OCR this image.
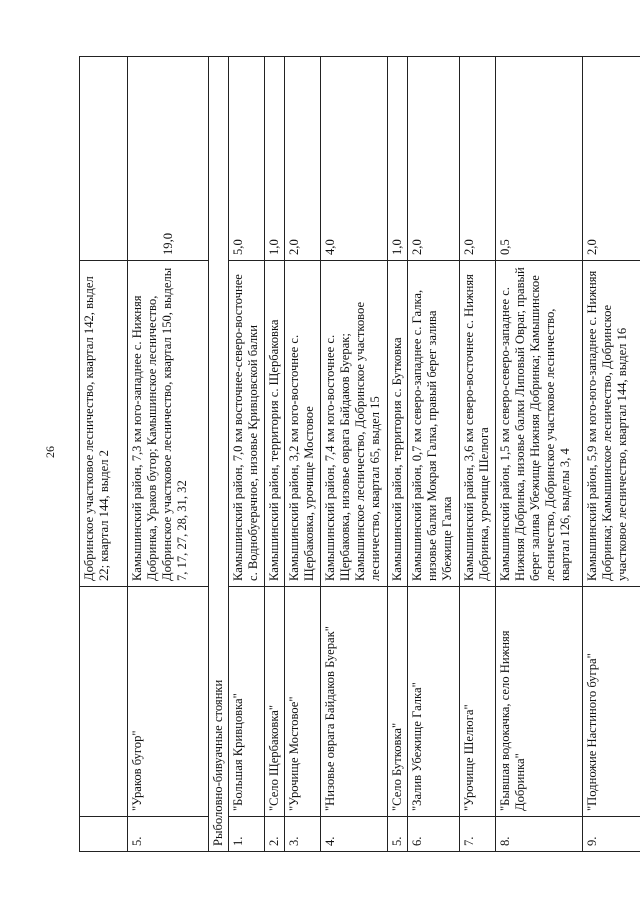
26
		Добринское участковое лесничество, квартал 142, выдел 22; квартал 144, выдел 2	
5.	"Ураков бугор"	Камышинский район, 7,3 км юго-западнее с. Нижняя Добринка, Ураков бугор; Камышинское лесничество, Добринское участковое лесничество, квартал 150, выделы 7, 17, 27, 28, 31, 32	19,0
Рыболовно-бивуачные стоянки			
1.	"Большая Кривцовка"	Камышинский район, 7,0 км восточнее-северо-восточнее с. Воднобуерачное, низовье Кривцовской балки	5,0
2.	"Село Щербаковка"	Камышинский район, территория с. Щербаковка	1,0
3.	"Урочище Мостовое"	Камышинский район, 3,2 км юго-восточнее с. Щербаковка, урочище Мостовое	2,0
4.	"Низовье оврага Байдаков Буерак"	Камышинский район, 7,4 км юго-восточнее с. Щербаковка, низовье оврага Байдаков Буерак; Камышинское лесничество, Добринское участковое лесничество, квартал 65, выдел 15	4,0
5.	"Село Бутковка"	Камышинский район, территория с. Бутковка	1,0
6.	"Залив Убежище Галка"	Камышинский район, 0,7 км северо-западнее с. Галка, низовье балки Мокрая Галка, правый берег залива Убежище Галка	2,0
7.	"Урочище Шелюга"	Камышинский район, 3,6 км северо-восточнее с. Нижняя Добринка, урочище Шелюга	2,0
8.	"Бывшая водокачка, село Нижняя Добринка"	Камышинский район, 1,5 км северо-северо-западнее с. Нижняя Добринка, низовье балки Липовый Овраг, правый берег залива Убежище Нижняя Добринка; Камышинское лесничество, Добринское участковое лесничество, квартал 126, выделы 3, 4	0,5
9.	"Подножие Настиного бугра"	Камышинский район, 5,9 км юго-юго-западнее с. Нижняя Добринка; Камышинское лесничество, Добринское участковое лесничество, квартал 144, выдел 16	2,0
